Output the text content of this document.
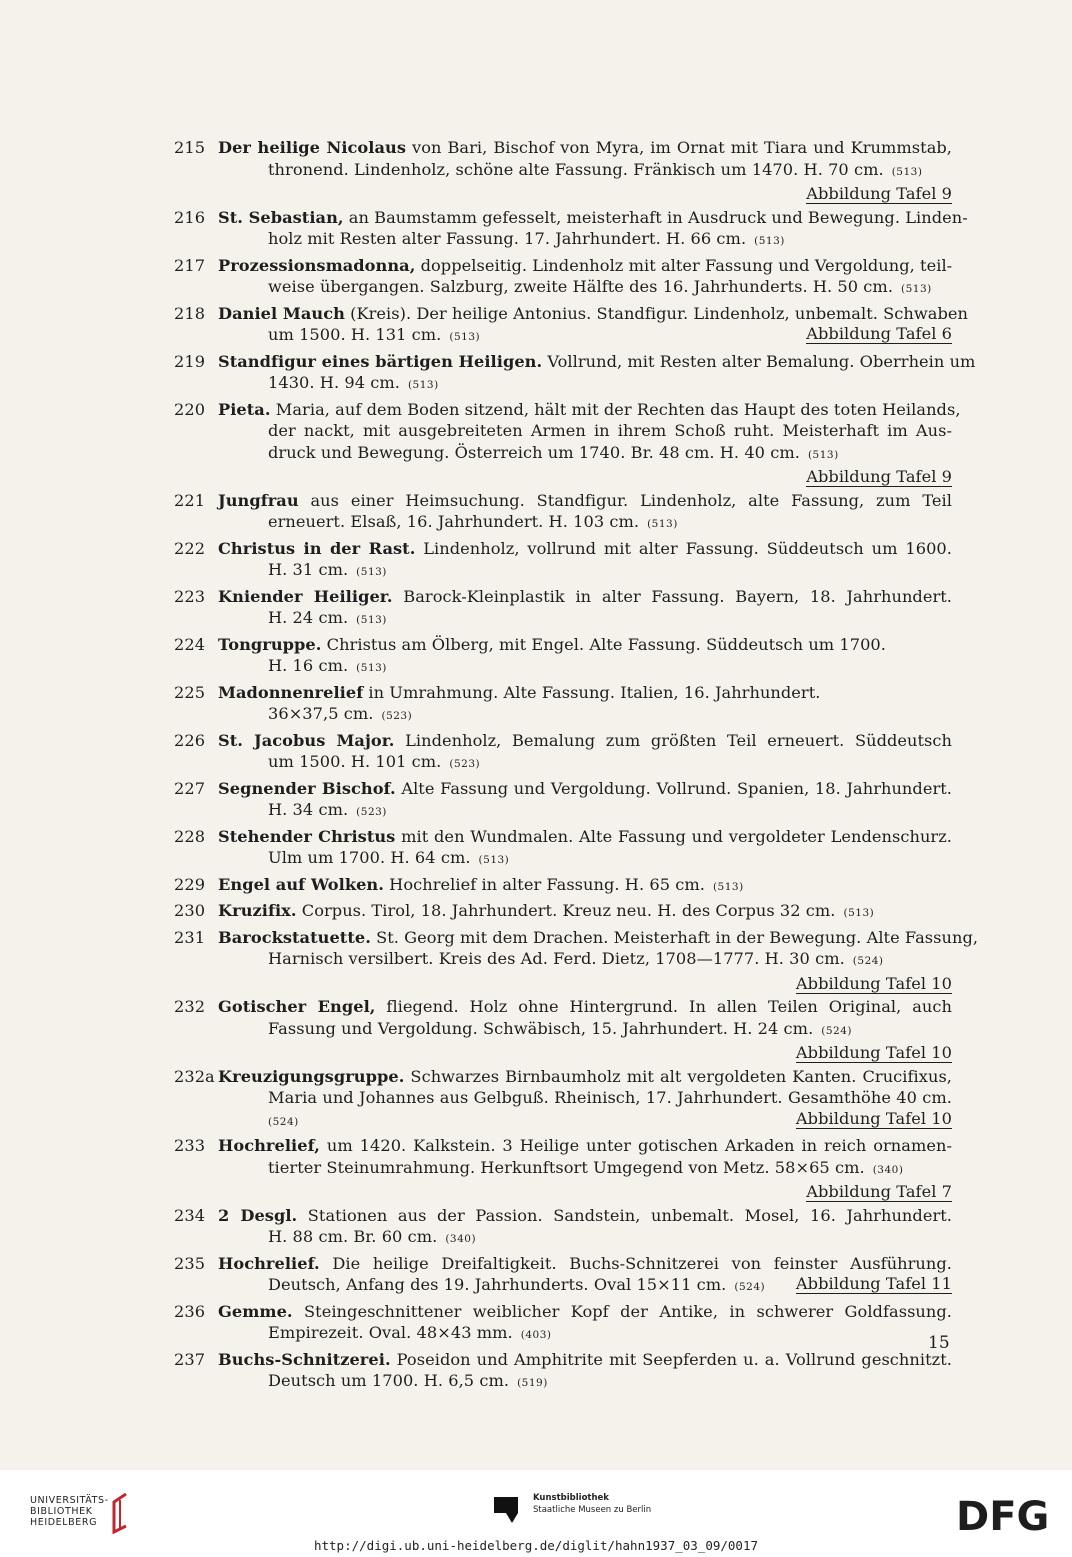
215 Der heilige Nicolaus von Bari, Bischof von Myra, im Ornat mit Tiara und Krummstab,
thronend. Lindenholz, schöne alte Fassung. Fränkisch um 1470. H. 70 cm. (513)
Abbildung Tafel 9
216 St. Sebastian, an Baumstamm gefesselt, meisterhaft in Ausdruck und Bewegung. Linden-
holz mit Resten alter Fassung. 17. Jahrhundert. H. 66 cm. (513)
217 Prozessionsmadonna, doppelseitig. Lindenholz mit alter Fassung und Vergoldung, teil-
weise übergangen. Salzburg, zweite Hälfte des 16. Jahrhunderts. H. 50 cm. (513)
218 Daniel Mauch (Kreis). Der heilige Antonius. Standfigur. Lindenholz, unbemalt. Schwaben
um 1500. H. 131 cm. (513)	Abbildung Tafel 6
219 Standfigur eines bärtigen Heiligen. Vollrund, mit Resten alter Bemalung. Oberrhein um
1430. H. 94 cm. (513)
220 Pieta. Maria, auf dem Boden sitzend, hält mit der Rechten das Haupt des toten Heilands,
der nackt, mit ausgebreiteten Armen in ihrem Schoß ruht. Meisterhaft im Aus-
druck und Bewegung. Österreich um 1740. Br. 48 cm. H. 40 cm. (513)
Abbildung Tafel 9
221 Jungfrau aus einer Heimsuchung. Standfigur. Lindenholz, alte Fassung, zum Teil
erneuert. Elsaß, 16. Jahrhundert. H. 103 cm. (513)
222 Christus in der Rast. Lindenholz, vollrund mit alter Fassung. Süddeutsch um 1600.
H. 31 cm. (513)
223 Kniender Heiliger. Barock-Kleinplastik in alter Fassung. Bayern, 18. Jahrhundert.
H. 24 cm. (513)
224 Tongruppe. Christus am Ölberg, mit Engel. Alte Fassung. Süddeutsch um 1700.
H. 16 cm. (513)
225 Madonnenrelief in Umrahmung. Alte Fassung. Italien, 16. Jahrhundert.
36×37,5 cm. (523)
226 St. Jacobus Major. Lindenholz, Bemalung zum größten Teil erneuert. Süddeutsch
um 1500. H. 101 cm. (523)
227 Segnender Bischof. Alte Fassung und Vergoldung. Vollrund. Spanien, 18. Jahrhundert.
H. 34 cm. (523)
228 Stehender Christus mit den Wundmalen. Alte Fassung und vergoldeter Lendenschurz.
Ulm um 1700. H. 64 cm. (513)
229 Engel auf Wolken. Hochrelief in alter Fassung. H. 65 cm. (513)
230 Kruzifix. Corpus. Tirol, 18. Jahrhundert. Kreuz neu. H. des Corpus 32 cm. (513)
231 Barockstatuette. St. Georg mit dem Drachen. Meisterhaft in der Bewegung. Alte Fassung,
Harnisch versilbert. Kreis des Ad. Ferd. Dietz, 1708—1777. H. 30 cm. (524)
Abbildung Tafel 10
232 Gotischer Engel, fliegend. Holz ohne Hintergrund. In allen Teilen Original, auch
Fassung und Vergoldung. Schwäbisch, 15. Jahrhundert. H. 24 cm. (524)
Abbildung Tafel 10
232a Kreuzigungsgruppe. Schwarzes Birnbaumholz mit alt vergoldeten Kanten. Crucifixus,
Maria und Johannes aus Gelbguß. Rheinisch, 17. Jahrhundert. Gesamthöhe 40 cm.
(524)	Abbildung Tafel 10
233 Hochrelief, um 1420. Kalkstein. 3 Heilige unter gotischen Arkaden in reich ornamen-
tierter Steinumrahmung. Herkunftsort Umgegend von Metz. 58×65 cm. (340)
Abbildung Tafel 7
234 2 Desgl. Stationen aus der Passion. Sandstein, unbemalt. Mosel, 16. Jahrhundert.
H. 88 cm. Br. 60 cm. (340)
235 Hochrelief. Die heilige Dreifaltigkeit. Buchs-Schnitzerei von feinster Ausführung.
Deutsch, Anfang des 19. Jahrhunderts. Oval 15×11 cm. (524) Abbildung Tafel 11
236 Gemme. Steingeschnittener weiblicher Kopf der Antike, in schwerer Goldfassung.
Empirezeit. Oval. 48×43 mm. (403)
237 Buchs-Schnitzerei. Poseidon und Amphitrite mit Seepferden u. a. Vollrund geschnitzt.
Deutsch um 1700. H. 6,5 cm. (519)
15
UNIVERSITÄTS-
BIBLIOTHEK
HEIDELBERG
Kunstbibliothek
Staatliche Museen zu Berlin	DFG
http://digi.ub.uni-heidelberg.de/diglit/hahn1937_03_09/0017
